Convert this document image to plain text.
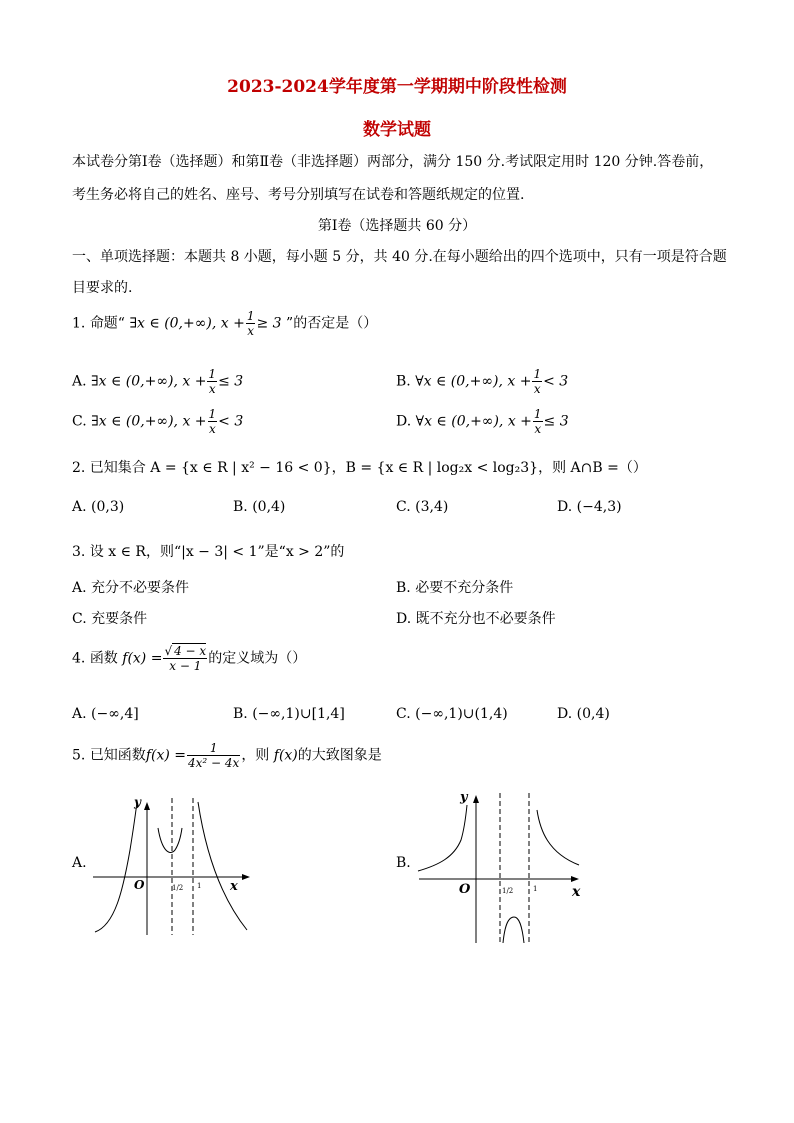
2023-2024学年度第一学期期中阶段性检测
数学试题
本试卷分第Ⅰ卷（选择题）和第Ⅱ卷（非选择题）两部分，满分 150 分.考试限定用时 120 分钟.答卷前，
考生务必将自己的姓名、座号、考号分别填写在试卷和答题纸规定的位置.
第Ⅰ卷（选择题共 60 分）
一、单项选择题：本题共 8 小题，每小题 5 分，共 40 分.在每小题给出的四个选项中，只有一项是符合题
目要求的.
1. 命题“ ∃x ∈ (0,+∞), $x + \frac{1}{x} \ge 3$ ”的否定是（）
A. ∃x ∈ (0,+∞), $x + \frac{1}{x} \le 3$	B. ∀x ∈ (0,+∞), $x + \frac{1}{x} < 3$
C. ∃x ∈ (0,+∞), $x + \frac{1}{x} < 3$	D. ∀x ∈ (0,+∞), $x + \frac{1}{x} \le 3$
2. 已知集合 A = {x ∈ R | x² − 16 < 0}，B = {x ∈ R | log₂x < log₂3}，则 A∩B =（）
A. (0,3)	B. (0,4)	C. (3,4)	D. (−4,3)
3. 设 x ∈ R，则“|x − 3| < 1”是“x > 2”的
A. 充分不必要条件	B. 必要不充分条件
C. 充要条件	D. 既不充分也不必要条件
4. 函数 $f(x) = \frac{√ 4 - x}{x - 1}$ 的定义域为（）
A. (−∞,4]	B. (−∞,1)∪[1,4]	C. (−∞,1)∪(1,4)	D. (0,4)
5. 已知函数$f(x) = \frac{1}{\text{4x² − 4x}}$ ，则 f(x)的大致图象是
A.
y
x
O	1/2 1
B.
y
x
O	1/2	1
